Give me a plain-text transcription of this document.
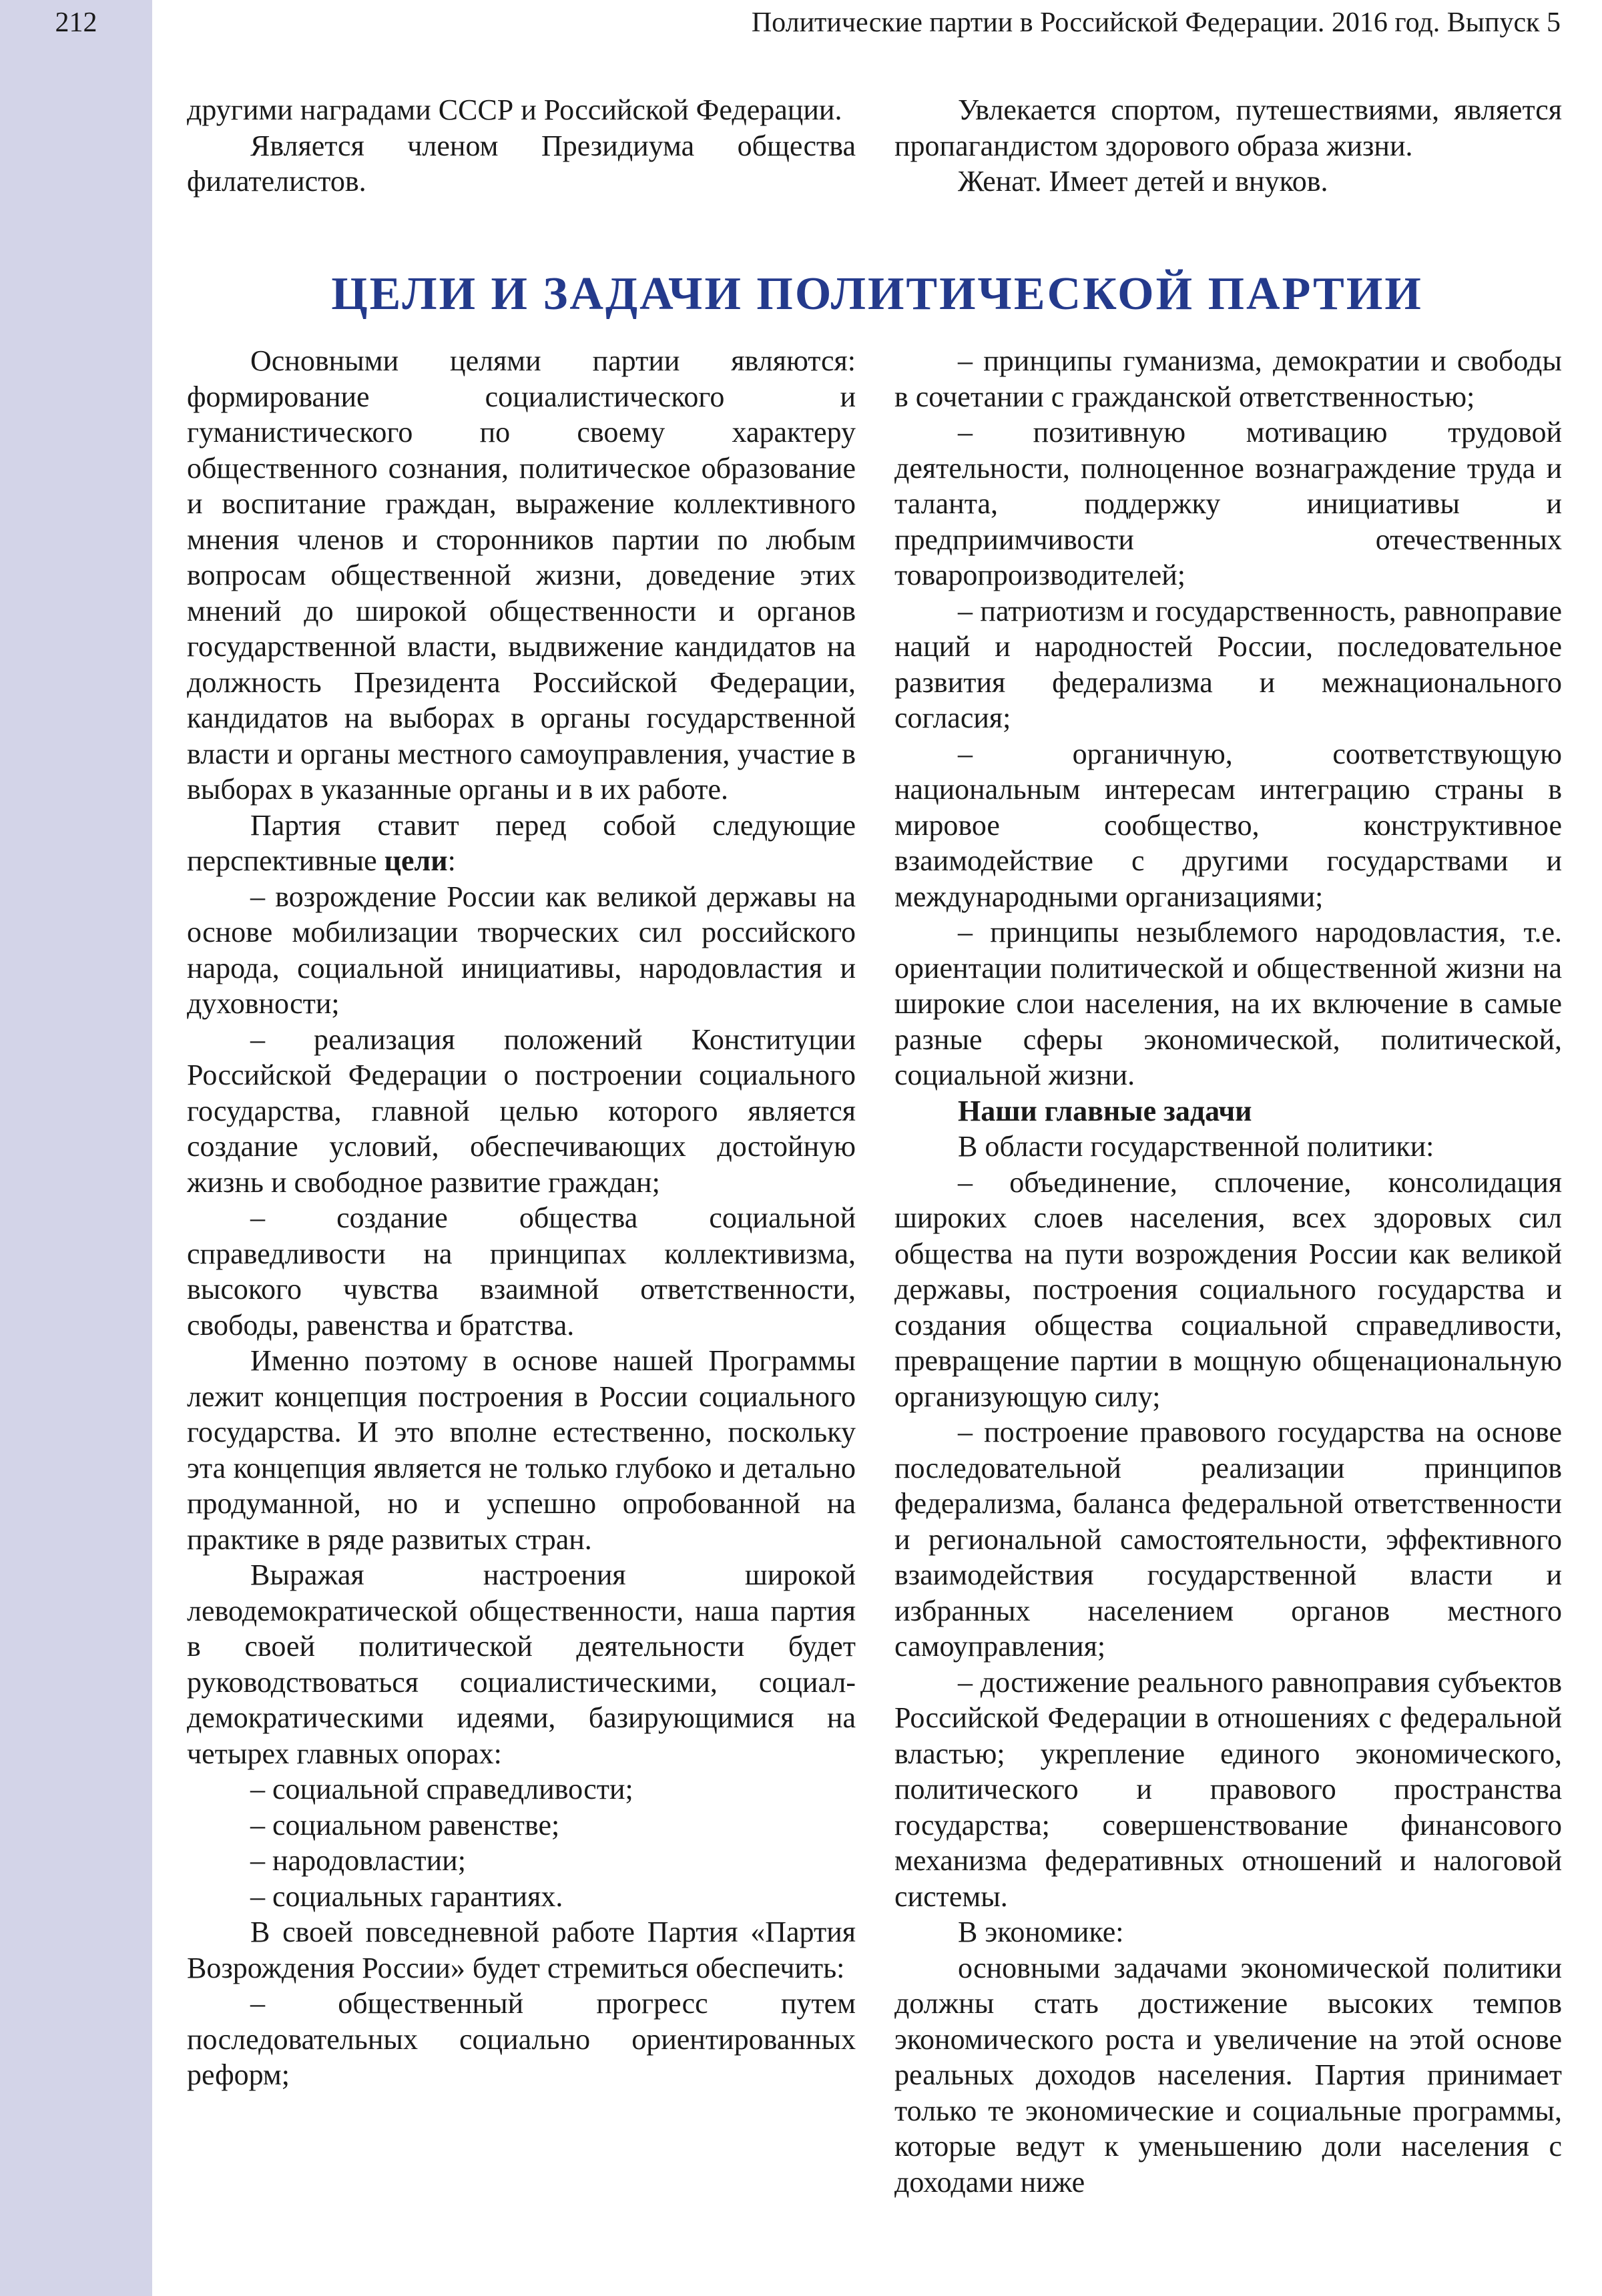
212	Политические партии в Российской Федерации. 2016 год. Выпуск 5

другими наградами СССР и Российской Федерации.

Является членом Президиума общества филателистов.

Увлекается спортом, путешествиями, является пропагандистом здорового образа жизни.

Женат. Имеет детей и внуков.

ЦЕЛИ И ЗАДАЧИ ПОЛИТИЧЕСКОЙ ПАРТИИ

Основными целями партии являются: формирование социалистического и гуманистического по своему характеру общественного сознания, политическое образование и воспитание граждан, выражение коллективного мнения членов и сторонников партии по любым вопросам общественной жизни, доведение этих мнений до широкой общественности и органов государственной власти, выдвижение кандидатов на должность Президента Российской Федерации, кандидатов на выборах в органы государственной власти и органы местного самоуправления, участие в выборах в указанные органы и в их работе.

Партия ставит перед собой следующие перспективные цели:

– возрождение России как великой державы на основе мобилизации творческих сил российского народа, социальной инициативы, народовластия и духовности;

– реализация положений Конституции Российской Федерации о построении социального государства, главной целью которого является создание условий, обеспечивающих достойную жизнь и свободное развитие граждан;

– создание общества социальной справедливости на принципах коллективизма, высокого чувства взаимной ответственности, свободы, равенства и братства.

Именно поэтому в основе нашей Программы лежит концепция построения в России социального государства. И это вполне естественно, поскольку эта концепция является не только глубоко и детально продуманной, но и успешно опробованной на практике в ряде развитых стран.

Выражая настроения широкой леводемократической общественности, наша партия в своей политической деятельности будет руководствоваться социалистическими, социал-демократическими идеями, базирующимися на четырех главных опорах:

– социальной справедливости;

– социальном равенстве;

– народовластии;

– социальных гарантиях.

В своей повседневной работе Партия «Партия Возрождения России» будет стремиться обеспечить:

– общественный прогресс путем последовательных социально ориентированных реформ;

– принципы гуманизма, демократии и свободы в сочетании с гражданской ответственностью;

– позитивную мотивацию трудовой деятельности, полноценное вознаграждение труда и таланта, поддержку инициативы и предприимчивости отечественных товаропроизводителей;

– патриотизм и государственность, равноправие наций и народностей России, последовательное развития федерализма и межнационального согласия;

– органичную, соответствующую национальным интересам интеграцию страны в мировое сообщество, конструктивное взаимодействие с другими государствами и международными организациями;

– принципы незыблемого народовластия, т.е. ориентации политической и общественной жизни на широкие слои населения, на их включение в самые разные сферы экономической, политической, социальной жизни.

Наши главные задачи

В области государственной политики:

– объединение, сплочение, консолидация широких слоев населения, всех здоровых сил общества на пути возрождения России как великой державы, построения социального государства и создания общества социальной справедливости, превращение партии в мощную общенациональную организующую силу;

– построение правового государства на основе последовательной реализации принципов федерализма, баланса федеральной ответственности и региональной самостоятельности, эффективного взаимодействия государственной власти и избранных населением органов местного самоуправления;

– достижение реального равноправия субъектов Российской Федерации в отношениях с федеральной властью; укрепление единого экономического, политического и правового пространства государства; совершенствование финансового механизма федеративных отношений и налоговой системы.

В экономике:

основными задачами экономической политики должны стать достижение высоких темпов экономического роста и увеличение на этой основе реальных доходов населения. Партия принимает только те экономические и социальные программы, которые ведут к уменьшению доли населения с доходами ниже
